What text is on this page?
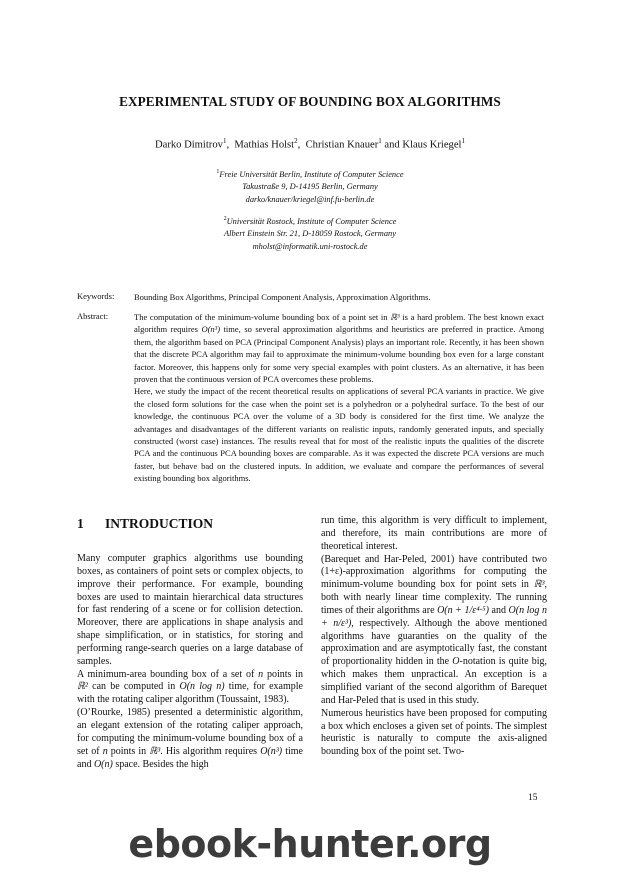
EXPERIMENTAL STUDY OF BOUNDING BOX ALGORITHMS
Darko Dimitrov$^1$, Mathias Holst$^2$, Christian Knauer$^1$ and Klaus Kriegel$^1$
$^1$Freie Universität Berlin, Institute of Computer Science
Takustraße 9, D-14195 Berlin, Germany
darko/knauer/kriegel@inf.fu-berlin.de
$^2$Universität Rostock, Institute of Computer Science
Albert Einstein Str. 21, D-18059 Rostock, Germany
mholst@informatik.uni-rostock.de
Keywords: Bounding Box Algorithms, Principal Component Analysis, Approximation Algorithms.
Abstract:	The computation of the minimum-volume bounding box of a point set in ℝ³ is a hard problem. The best known exact algorithm requires O(n³) time, so several approximation algorithms and heuristics are preferred in practice. Among them, the algorithm based on PCA (Principal Component Analysis) plays an important role. Recently, it has been shown that the discrete PCA algorithm may fail to approximate the minimum-volume bounding box even for a large constant factor. Moreover, this happens only for some very special examples with point clusters. As an alternative, it has been proven that the continuous version of PCA overcomes these problems.

Here, we study the impact of the recent theoretical results on applications of several PCA variants in practice. We give the closed form solutions for the case when the point set is a polyhedron or a polyhedral surface. To the best of our knowledge, the continuous PCA over the volume of a 3D body is considered for the first time. We analyze the advantages and disadvantages of the different variants on realistic inputs, randomly generated inputs, and specially constructed (worst case) instances. The results reveal that for most of the realistic inputs the qualities of the discrete PCA and the continuous PCA bounding boxes are comparable. As it was expected the discrete PCA versions are much faster, but behave bad on the clustered inputs. In addition, we evaluate and compare the performances of several existing bounding box algorithms.

1 INTRODUCTION

Many computer graphics algorithms use bounding boxes, as containers of point sets or complex objects, to improve their performance. For example, bounding boxes are used to maintain hierarchical data structures for fast rendering of a scene or for collision detection. Moreover, there are applications in shape analysis and shape simplification, or in statistics, for storing and performing range-search queries on a large database of samples.

A minimum-area bounding box of a set of n points in ℝ² can be computed in O(n log n) time, for example with the rotating caliper algorithm (Toussaint, 1983).

(O’Rourke, 1985) presented a deterministic algorithm, an elegant extension of the rotating caliper approach, for computing the minimum-volume bounding box of a set of n points in ℝ³. His algorithm requires O(n³) time and O(n) space. Besides the high

run time, this algorithm is very difficult to implement, and therefore, its main contributions are more of theoretical interest.

(Barequet and Har-Peled, 2001) have contributed two (1+ε)-approximation algorithms for computing the minimum-volume bounding box for point sets in ℝ³, both with nearly linear time complexity. The running times of their algorithms are O(n + 1/ε⁴·⁵) and O(n log n + n/ε³), respectively. Although the above mentioned algorithms have guaranties on the quality of the approximation and are asymptotically fast, the constant of proportionality hidden in the O-notation is quite big, which makes them unpractical. An exception is a simplified variant of the second algorithm of Barequet and Har-Peled that is used in this study.

Numerous heuristics have been proposed for computing a box which encloses a given set of points. The simplest heuristic is naturally to compute the axis-aligned bounding box of the point set. Two-

15
ebook-hunter.org
